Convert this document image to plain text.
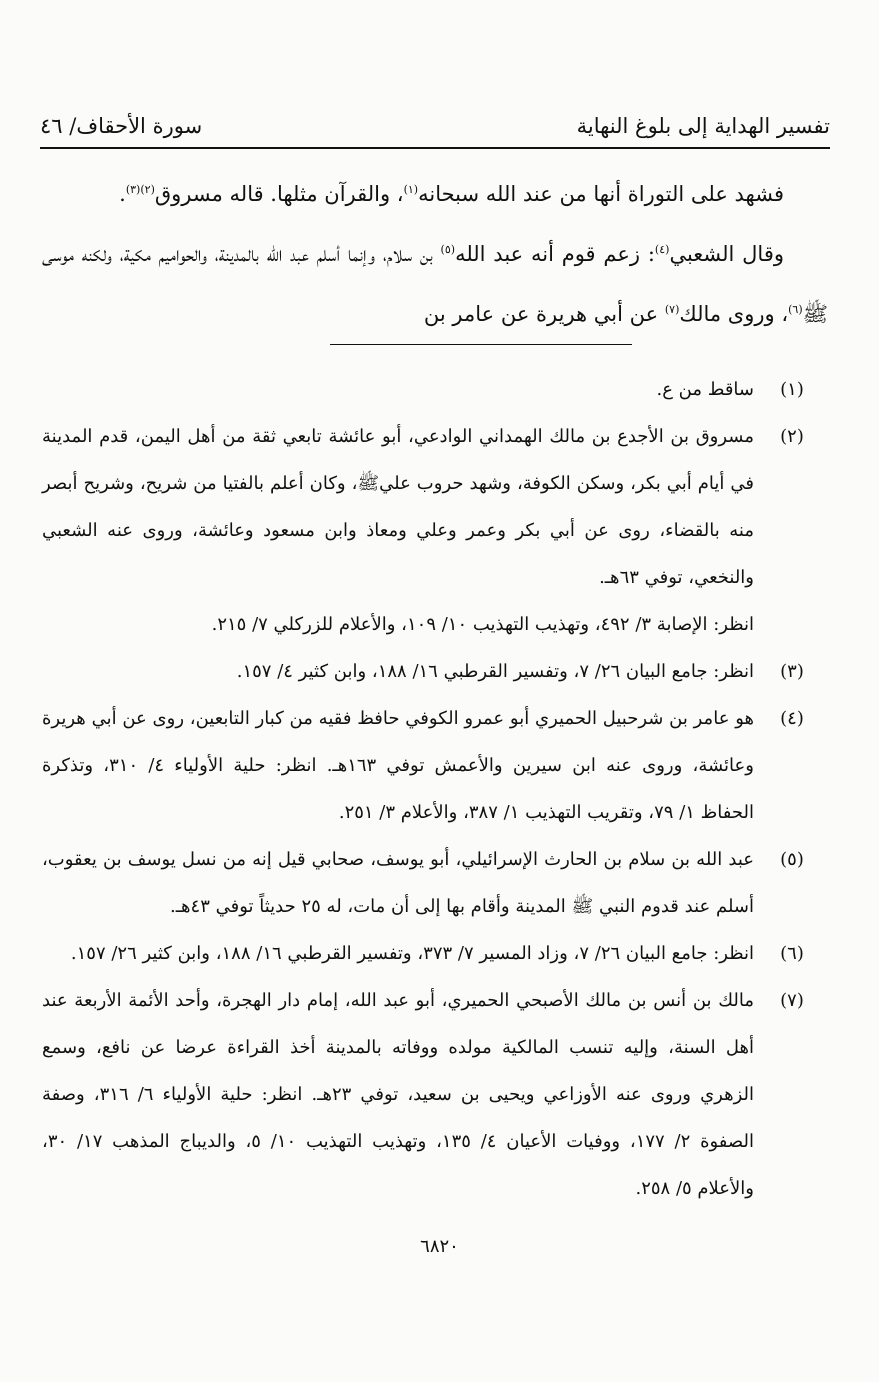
تفسير الهداية إلى بلوغ النهاية
سورة الأحقاف/ ٤٦

فشهد على التوراة أنها من عند الله سبحانه$^{(١)}$، والقرآن مثلها. قاله مسروق$^{(٢)(٣)}$.

وقال الشعبي$^{(٤)}$: زعم قوم أنه عبد الله$^{(٥)}$ بن سلام، وإنما أسلم عبد الله بالمدينة، والحواميم مكية، ولكنه موسى ﷺ$^{(٦)}$، وروى مالك$^{(٧)}$ عن أبي هريرة عن عامر بن

(١)
ساقط من ع.

(٢)
مسروق بن الأجدع بن مالك الهمداني الوادعي، أبو عائشة تابعي ثقة من أهل اليمن، قدم المدينة في أيام أبي بكر، وسكن الكوفة، وشهد حروب عليﷺ، وكان أعلم بالفتيا من شريح، وشريح أبصر منه بالقضاء، روى عن أبي بكر وعمر وعلي ومعاذ وابن مسعود وعائشة، وروى عنه الشعبي والنخعي، توفي ٦٣هـ.
انظر: الإصابة ٣/ ٤٩٢، وتهذيب التهذيب ١٠/ ١٠٩، والأعلام للزركلي ٧/ ٢١٥.

(٣)
انظر: جامع البيان ٢٦/ ٧، وتفسير القرطبي ١٦/ ١٨٨، وابن كثير ٤/ ١٥٧.

(٤)
هو عامر بن شرحبيل الحميري أبو عمرو الكوفي حافظ فقيه من كبار التابعين، روى عن أبي هريرة وعائشة، وروى عنه ابن سيرين والأعمش توفي ١٦٣هـ. انظر: حلية الأولياء ٤/ ٣١٠، وتذكرة الحفاظ ١/ ٧٩، وتقريب التهذيب ١/ ٣٨٧، والأعلام ٣/ ٢٥١.

(٥)
عبد الله بن سلام بن الحارث الإسرائيلي، أبو يوسف، صحابي قيل إنه من نسل يوسف بن يعقوب، أسلم عند قدوم النبي ﷺ المدينة وأقام بها إلى أن مات، له ٢٥ حديثاً توفي ٤٣هـ.

(٦)
انظر: جامع البيان ٢٦/ ٧، وزاد المسير ٧/ ٣٧٣، وتفسير القرطبي ١٦/ ١٨٨، وابن كثير ٢٦/ ١٥٧.

(٧)
مالك بن أنس بن مالك الأصبحي الحميري، أبو عبد الله، إمام دار الهجرة، وأحد الأئمة الأربعة عند أهل السنة، وإليه تنسب المالكية مولده ووفاته بالمدينة أخذ القراءة عرضا عن نافع، وسمع الزهري وروى عنه الأوزاعي ويحيى بن سعيد، توفي ٢٣هـ. انظر: حلية الأولياء ٦/ ٣١٦، وصفة الصفوة ٢/ ١٧٧، ووفيات الأعيان ٤/ ١٣٥، وتهذيب التهذيب ١٠/ ٥، والديباج المذهب ١٧/ ٣٠، والأعلام ٥/ ٢٥٨.

٦٨٢٠
